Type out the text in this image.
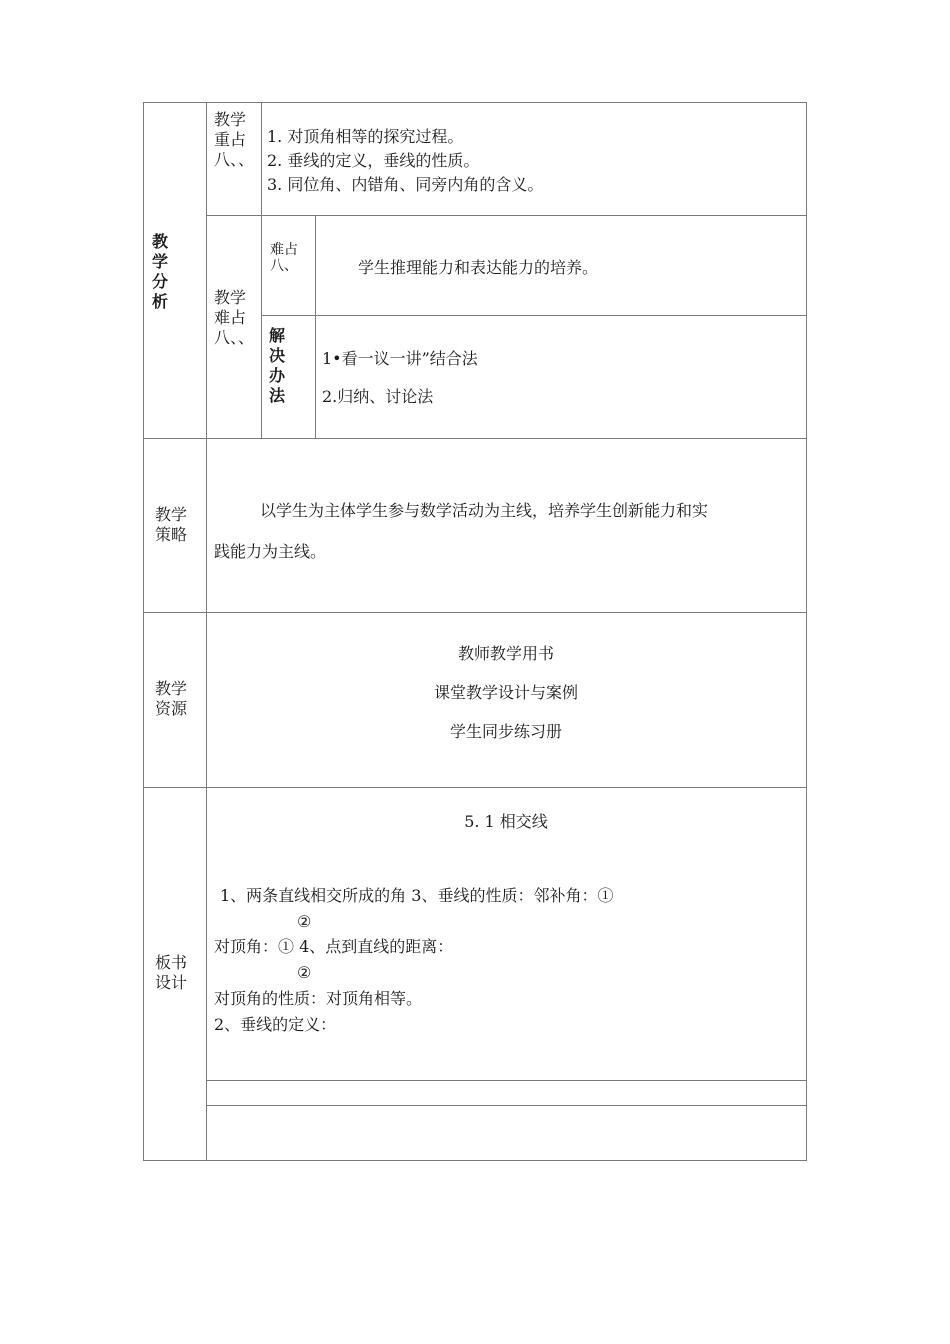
教学分析
教学重占八、、
1. 对顶角相等的探究过程。
2. 垂线的定义，垂线的性质。
3. 同位角、内错角、同旁内角的含义。
教学难占八、、
难占八、	学生推理能力和表达能力的培养。
解决办法
1•看一议一讲”结合法
2.归纳、讨论法
教学策略
以学生为主体学生参与数学活动为主线，培养学生创新能力和实
践能力为主线。
教学资源
教师教学用书
课堂教学设计与案例
学生同步练习册
板书设计
5. 1 相交线
1、两条直线相交所成的角 3、垂线的性质：邻补角：①
②
对顶角：① 4、点到直线的距离：
②
对顶角的性质：对顶角相等。
2、垂线的定义：
